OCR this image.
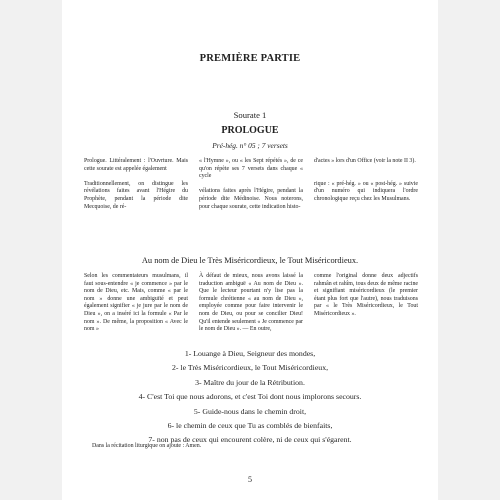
PREMIÈRE PARTIE
Sourate 1
PROLOGUE
Pré-hég. n° 05 ; 7 versets

Prologue. Littéralement : l'Ouvrture. Mais cette sourate est appelée également

Traditionnellement, on distingue les révélations faites avant l'Hégire du Prophète, pendant la période dite Mecquoise, de ré-

« l'Hymne », ou « les Sept répétés », de ce qu'on répète ses 7 versets dans chaque « cycle

vélations faites après l'Hégire, pendant la période dite Médinoise. Nous noterons, pour chaque sourate, cette indication histo-

d'actes » lors d'un Office (voir la note II 3).

rique : « pré-hég. » ou « post-hég. » suivie d'un numéro qui indiquera l'ordre chronologique reçu chez les Musulmans.

Au nom de Dieu le Très Miséricordieux, le Tout Miséricordieux.
Selon les commentateurs musulmans, il faut sous-entendre « je commence » par le nom de Dieu, etc. Mais, comme « par le nom » donne une ambiguïté et peut également signifier « je jure par le nom de Dieu », on a inséré ici la formule « Par le nom ». De même, la proposition « Avec le nom »
À défaut de mieux, nous avons laissé la traduction ambiguë « Au nom de Dieu ». Que le lecteur pourtant n'y lise pas la formule chrétienne « au nom de Dieu », employée comme pour faire intervenir le nom de Dieu, ou pour se concilier Dieu! Qu'il entende seulement « Je commence par le nom de Dieu ». — En outre,
comme l'original donne deux adjectifs rahmân et rahîm, tous deux de même racine et signifiant miséricordieux (le premier étant plus fort que l'autre), nous traduisons par « le Très Miséricordieux, le Tout Miséricordieux ».
1- Louange à Dieu, Seigneur des mondes,
2- le Très Miséricordieux, le Tout Miséricordieux,
3- Maître du jour de la Rétribution.
4- C'est Toi que nous adorons, et c'est Toi dont nous implorons secours.
5- Guide-nous dans le chemin droit,
6- le chemin de ceux que Tu as comblés de bienfaits,
7- non pas de ceux qui encourent colère, ni de ceux qui s'égarent.
Dans la récitation liturgique on ajoute : Amen.
5
